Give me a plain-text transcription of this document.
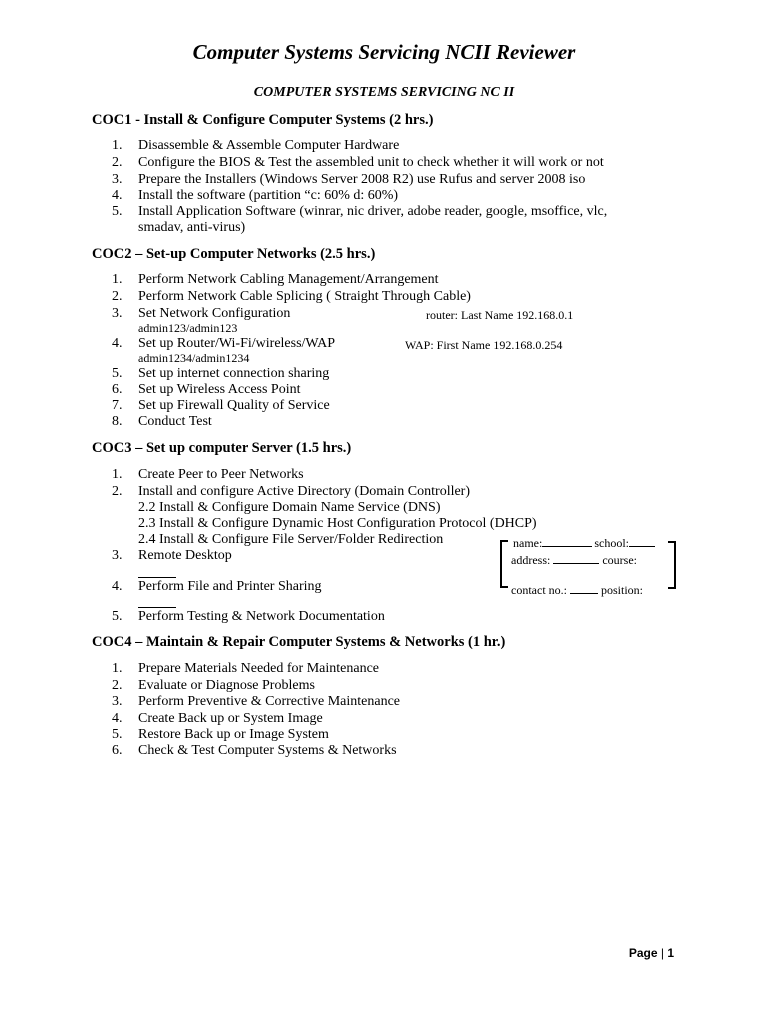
Computer Systems Servicing NCII Reviewer
COMPUTER SYSTEMS SERVICING NC II
COC1 - Install & Configure Computer Systems (2 hrs.)
1. Disassemble & Assemble Computer Hardware
2. Configure the BIOS & Test the assembled unit to check whether it will work or not
3. Prepare the Installers (Windows Server 2008 R2) use Rufus and server 2008 iso
4. Install the software (partition “c: 60% d: 60%)
5. Install Application Software (winrar, nic driver, adobe reader, google, msoffice, vlc,
smadav, anti-virus)
COC2 – Set-up Computer Networks (2.5 hrs.)
1. Perform Network Cabling Management/Arrangement
2. Perform Network Cable Splicing ( Straight Through Cable)
3. Set Network Configuration	router: Last Name 192.168.0.1
admin123/admin123
4. Set up Router/Wi-Fi/wireless/WAP	WAP: First Name 192.168.0.254
admin1234/admin1234
5. Set up internet connection sharing
6. Set up Wireless Access Point
7. Set up Firewall Quality of Service
8. Conduct Test
COC3 – Set up computer Server (1.5 hrs.)
1. Create Peer to Peer Networks
2. Install and configure Active Directory (Domain Controller)
2.2 Install & Configure Domain Name Service (DNS)
2.3 Install & Configure Dynamic Host Configuration Protocol (DHCP)
2.4 Install & Configure File Server/Folder Redirection
3. Remote Desktop
4. Perform File and Printer Sharing
5. Perform Testing & Network Documentation
name:	school:
address:	course:
contact no.:	position:
COC4 – Maintain & Repair Computer Systems & Networks (1 hr.)
1. Prepare Materials Needed for Maintenance
2. Evaluate or Diagnose Problems
3. Perform Preventive & Corrective Maintenance
4. Create Back up or System Image
5. Restore Back up or Image System
6. Check & Test Computer Systems & Networks
Page | 1
